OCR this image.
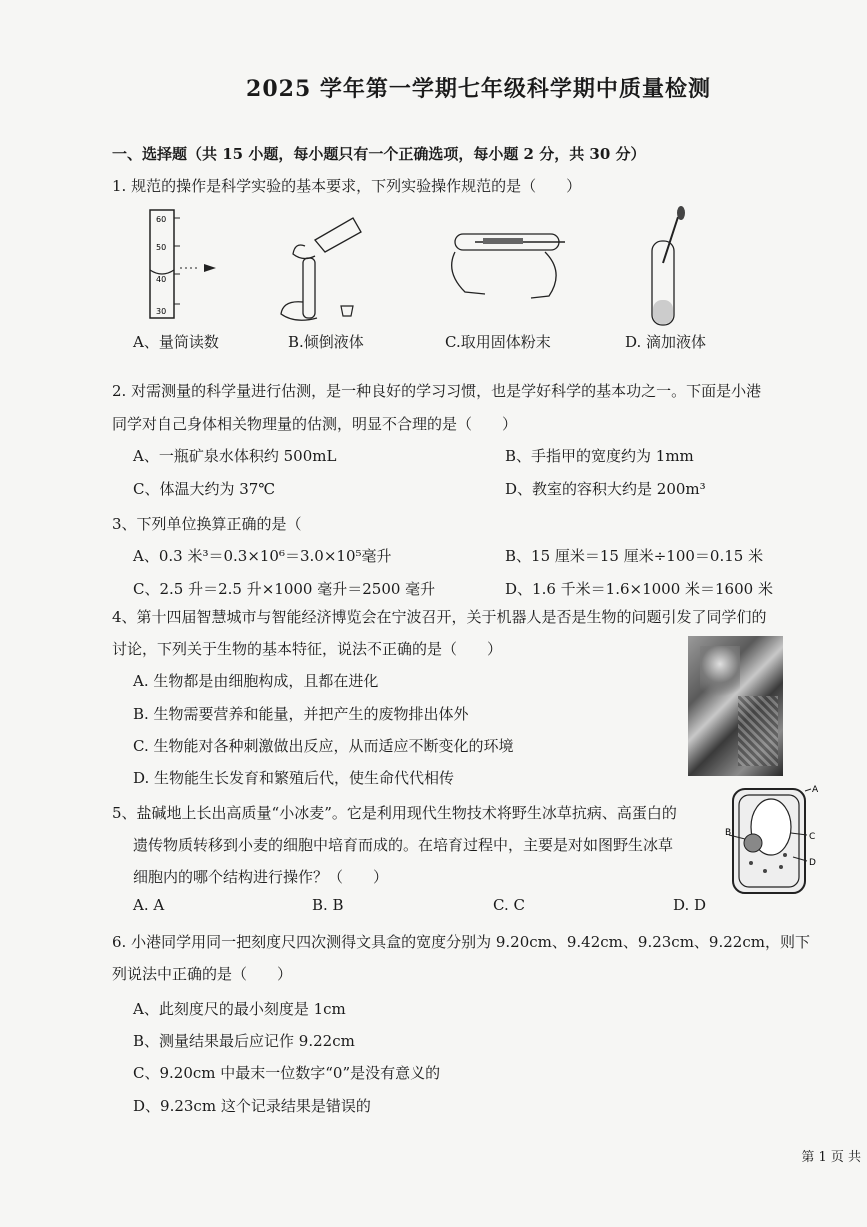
2025 学年第一学期七年级科学期中质量检测
一、选择题（共 15 小题，每小题只有一个正确选项，每小题 2 分，共 30 分）
1. 规范的操作是科学实验的基本要求，下列实验操作规范的是（　　）
60
50
40
30
A、量筒读数	B.倾倒液体	C.取用固体粉末	D. 滴加液体
2. 对需测量的科学量进行估测，是一种良好的学习习惯，也是学好科学的基本功之一。下面是小港
同学对自己身体相关物理量的估测，明显不合理的是（　　）
A、一瓶矿泉水体积约 500mL	B、手指甲的宽度约为 1mm
C、体温大约为 37℃	D、教室的容积大约是 200m³
3、下列单位换算正确的是（
A、0.3 米³＝0.3×10⁶＝3.0×10⁵毫升	B、15 厘米＝15 厘米÷100＝0.15 米
C、2.5 升＝2.5 升×1000 毫升＝2500 毫升	D、1.6 千米＝1.6×1000 米＝1600 米
4、第十四届智慧城市与智能经济博览会在宁波召开，关于机器人是否是生物的问题引发了同学们的
讨论，下列关于生物的基本特征，说法不正确的是（　　）
A. 生物都是由细胞构成，且都在进化
B. 生物需要营养和能量，并把产生的废物排出体外
C. 生物能对各种刺激做出反应，从而适应不断变化的环境
D. 生物能生长发育和繁殖后代，使生命代代相传
5、盐碱地上长出高质量“小冰麦”。它是利用现代生物技术将野生冰草抗病、高蛋白的
遗传物质转移到小麦的细胞中培育而成的。在培育过程中，主要是对如图野生冰草
细胞内的哪个结构进行操作？（　　）
A
B	C
D
A. A	B. B	C. C	D. D
6. 小港同学用同一把刻度尺四次测得文具盒的宽度分别为 9.20cm、9.42cm、9.23cm、9.22cm，则下
列说法中正确的是（　　）
A、此刻度尺的最小刻度是 1cm
B、测量结果最后应记作 9.22cm
C、9.20cm 中最末一位数字“0”是没有意义的
D、9.23cm 这个记录结果是错误的
第 1 页 共
